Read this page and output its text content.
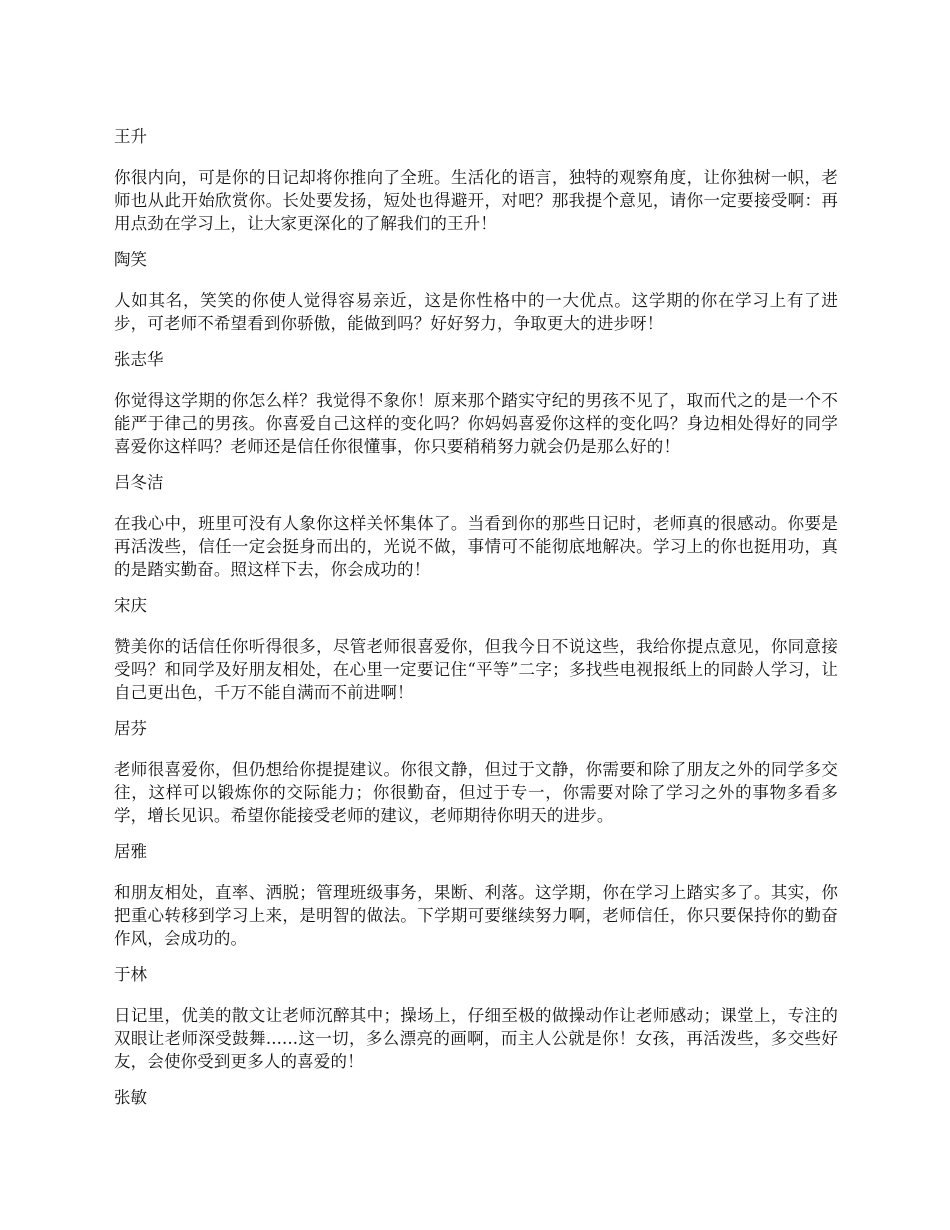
王升
你很内向，可是你的日记却将你推向了全班。生活化的语言，独特的观察角度，让你独树一帜，老师也从此开始欣赏你。长处要发扬，短处也得避开，对吧？那我提个意见，请你一定要接受啊：再用点劲在学习上，让大家更深化的了解我们的王升！
陶笑
人如其名，笑笑的你使人觉得容易亲近，这是你性格中的一大优点。这学期的你在学习上有了进步，可老师不希望看到你骄傲，能做到吗？好好努力，争取更大的进步呀！
张志华
你觉得这学期的你怎么样？我觉得不象你！原来那个踏实守纪的男孩不见了，取而代之的是一个不能严于律己的男孩。你喜爱自己这样的变化吗？你妈妈喜爱你这样的变化吗？身边相处得好的同学喜爱你这样吗？老师还是信任你很懂事，你只要稍稍努力就会仍是那么好的！
吕冬洁
在我心中，班里可没有人象你这样关怀集体了。当看到你的那些日记时，老师真的很感动。你要是再活泼些，信任一定会挺身而出的，光说不做，事情可不能彻底地解决。学习上的你也挺用功，真的是踏实勤奋。照这样下去，你会成功的！
宋庆
赞美你的话信任你听得很多，尽管老师很喜爱你，但我今日不说这些，我给你提点意见，你同意接受吗？和同学及好朋友相处，在心里一定要记住“平等”二字；多找些电视报纸上的同龄人学习，让自己更出色，千万不能自满而不前进啊！
居芬
老师很喜爱你，但仍想给你提提建议。你很文静，但过于文静，你需要和除了朋友之外的同学多交往，这样可以锻炼你的交际能力；你很勤奋，但过于专一，你需要对除了学习之外的事物多看多学，增长见识。希望你能接受老师的建议，老师期待你明天的进步。
居雅
和朋友相处，直率、洒脱；管理班级事务，果断、利落。这学期，你在学习上踏实多了。其实，你把重心转移到学习上来，是明智的做法。下学期可要继续努力啊，老师信任，你只要保持你的勤奋作风，会成功的。
于林
日记里，优美的散文让老师沉醉其中；操场上，仔细至极的做操动作让老师感动；课堂上，专注的双眼让老师深受鼓舞......这一切，多么漂亮的画啊，而主人公就是你！女孩，再活泼些，多交些好友，会使你受到更多人的喜爱的！
张敏
